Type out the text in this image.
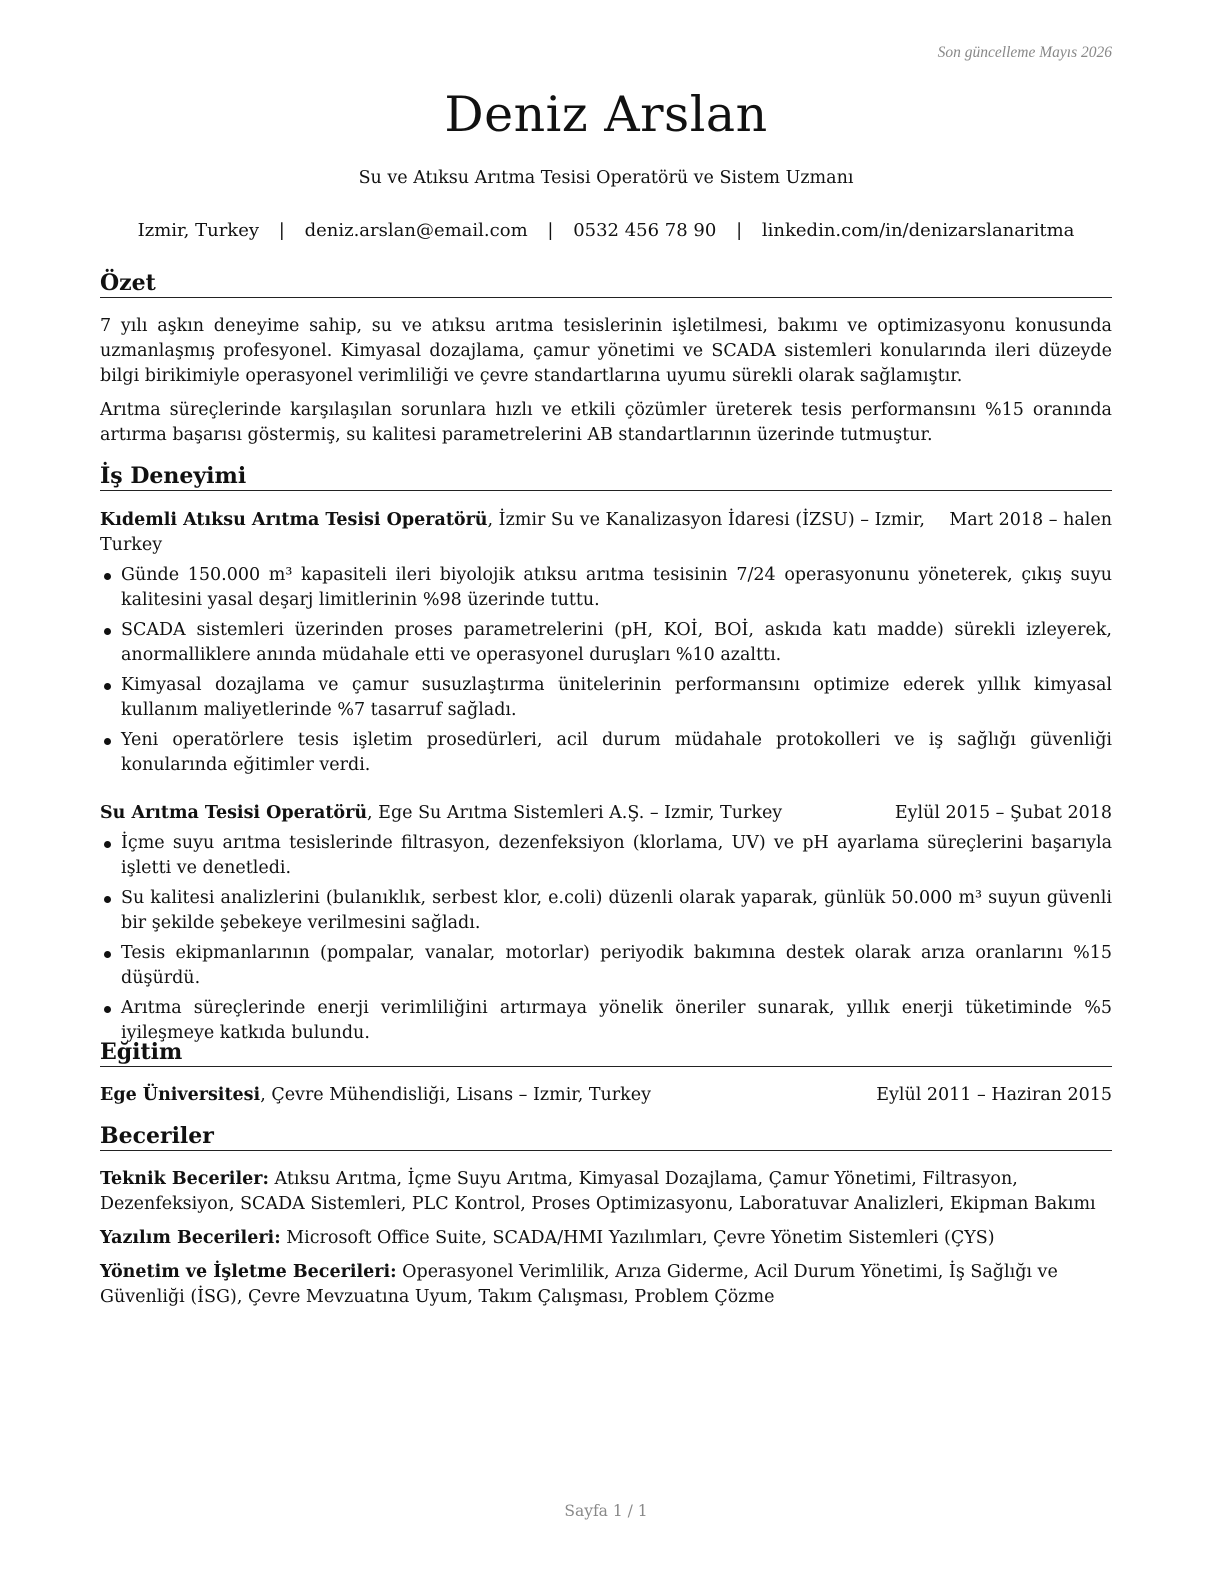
Son güncelleme Mayıs 2026
Deniz Arslan
Su ve Atıksu Arıtma Tesisi Operatörü ve Sistem Uzmanı
Izmir, Turkey | deniz.arslan@email.com | 0532 456 78 90 | linkedin.com/in/denizarslanaritma
Özet
7 yılı aşkın deneyime sahip, su ve atıksu arıtma tesislerinin işletilmesi, bakımı ve optimizasyonu konusunda uzmanlaşmış profesyonel. Kimyasal dozajlama, çamur yönetimi ve SCADA sistemleri konularında ileri düzeyde bilgi birikimiyle operasyonel verimliliği ve çevre standartlarına uyumu sürekli olarak sağlamıştır.
Arıtma süreçlerinde karşılaşılan sorunlara hızlı ve etkili çözümler üreterek tesis performansını %15 oranında artırma başarısı göstermiş, su kalitesi parametrelerini AB standartlarının üzerinde tutmuştur.
İş Deneyimi
Kıdemli Atıksu Arıtma Tesisi Operatörü, İzmir Su ve Kanalizasyon İdaresi (İZSU) – Izmir,
Turkey
Mart 2018 – halen
Günde 150.000 m³ kapasiteli ileri biyolojik atıksu arıtma tesisinin 7/24 operasyonunu yöneterek, çıkış suyu kalitesini yasal deşarj limitlerinin %98 üzerinde tuttu.
SCADA sistemleri üzerinden proses parametrelerini (pH, KOİ, BOİ, askıda katı madde) sürekli izleyerek, anormalliklere anında müdahale etti ve operasyonel duruşları %10 azalttı.
Kimyasal dozajlama ve çamur susuzlaştırma ünitelerinin performansını optimize ederek yıllık kimyasal kullanım maliyetlerinde %7 tasarruf sağladı.
Yeni operatörlere tesis işletim prosedürleri, acil durum müdahale protokolleri ve iş sağlığı güvenliği konularında eğitimler verdi.
Su Arıtma Tesisi Operatörü, Ege Su Arıtma Sistemleri A.Ş. – Izmir, Turkey	Eylül 2015 – Şubat 2018
İçme suyu arıtma tesislerinde filtrasyon, dezenfeksiyon (klorlama, UV) ve pH ayarlama süreçlerini başarıyla işletti ve denetledi.
Su kalitesi analizlerini (bulanıklık, serbest klor, e.coli) düzenli olarak yaparak, günlük 50.000 m³ suyun güvenli bir şekilde şebekeye verilmesini sağladı.
Tesis ekipmanlarının (pompalar, vanalar, motorlar) periyodik bakımına destek olarak arıza oranlarını %15 düşürdü.
Arıtma süreçlerinde enerji verimliliğini artırmaya yönelik öneriler sunarak, yıllık enerji tüketiminde %5 iyileşmeye katkıda bulundu.
Eğitim
Ege Üniversitesi, Çevre Mühendisliği, Lisans – Izmir, Turkey	Eylül 2011 – Haziran 2015
Beceriler
Teknik Beceriler: Atıksu Arıtma, İçme Suyu Arıtma, Kimyasal Dozajlama, Çamur Yönetimi, Filtrasyon, Dezenfeksiyon, SCADA Sistemleri, PLC Kontrol, Proses Optimizasyonu, Laboratuvar Analizleri, Ekipman Bakımı
Yazılım Becerileri: Microsoft Office Suite, SCADA/HMI Yazılımları, Çevre Yönetim Sistemleri (ÇYS)
Yönetim ve İşletme Becerileri: Operasyonel Verimlilik, Arıza Giderme, Acil Durum Yönetimi, İş Sağlığı ve Güvenliği (İSG), Çevre Mevzuatına Uyum, Takım Çalışması, Problem Çözme
Sayfa 1 / 1
